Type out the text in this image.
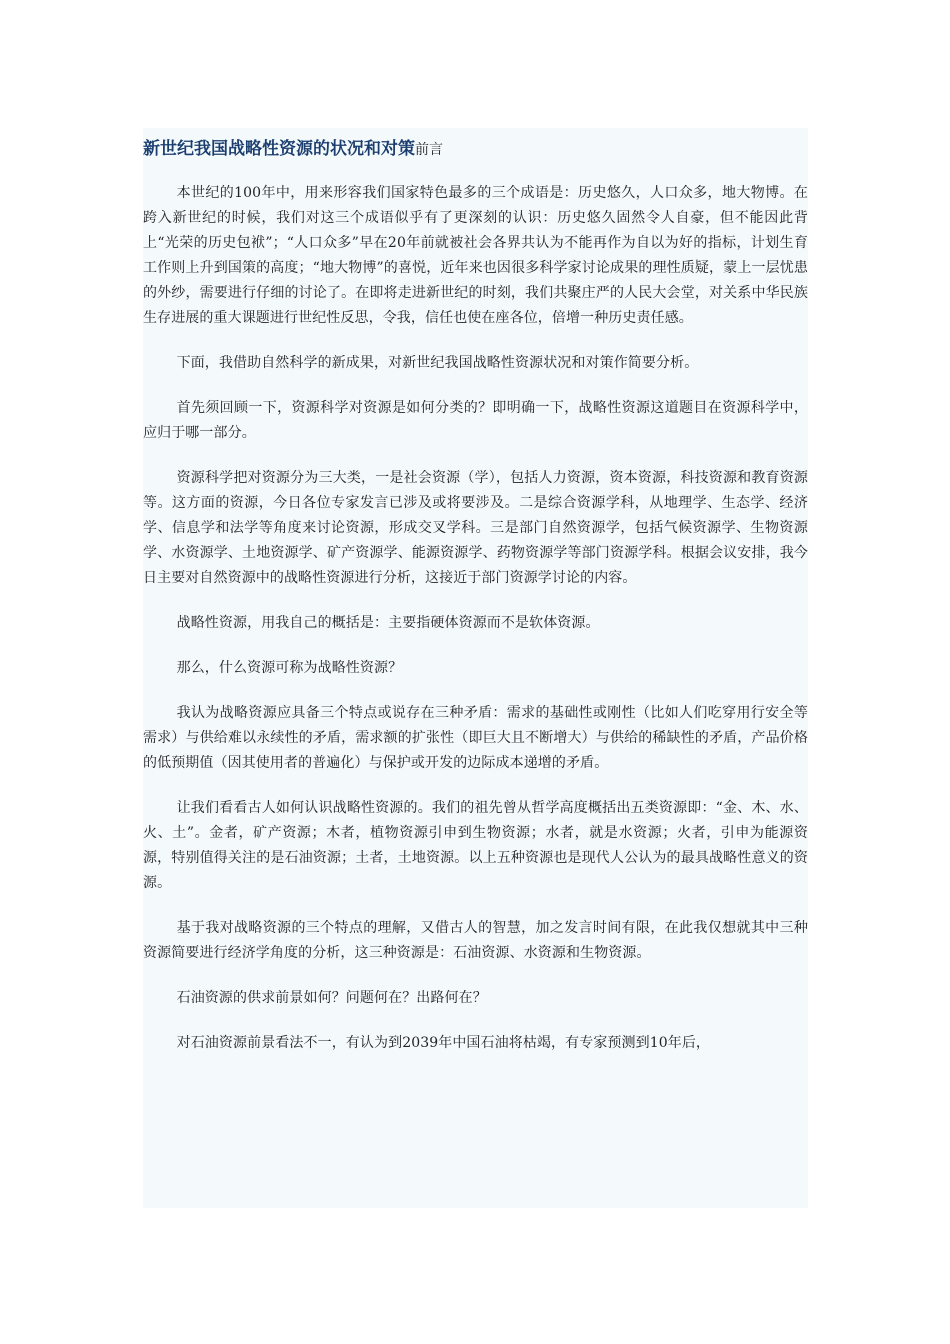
新世纪我国战略性资源的状况和对策前言

本世纪的100年中，用来形容我们国家特色最多的三个成语是：历史悠久，人口众多，地大物博。在跨入新世纪的时候，我们对这三个成语似乎有了更深刻的认识：历史悠久固然令人自豪，但不能因此背上“光荣的历史包袱”；“人口众多”早在20年前就被社会各界共认为不能再作为自以为好的指标，计划生育工作则上升到国策的高度；“地大物博”的喜悦，近年来也因很多科学家讨论成果的理性质疑，蒙上一层忧患的外纱，需要进行仔细的讨论了。在即将走进新世纪的时刻，我们共聚庄严的人民大会堂，对关系中华民族生存进展的重大课题进行世纪性反思，令我，信任也使在座各位，倍增一种历史责任感。

下面，我借助自然科学的新成果，对新世纪我国战略性资源状况和对策作简要分析。

首先须回顾一下，资源科学对资源是如何分类的？即明确一下，战略性资源这道题目在资源科学中，应归于哪一部分。

资源科学把对资源分为三大类，一是社会资源（学），包括人力资源，资本资源，科技资源和教育资源等。这方面的资源，今日各位专家发言已涉及或将要涉及。二是综合资源学科，从地理学、生态学、经济学、信息学和法学等角度来讨论资源，形成交叉学科。三是部门自然资源学，包括气候资源学、生物资源学、水资源学、土地资源学、矿产资源学、能源资源学、药物资源学等部门资源学科。根据会议安排，我今日主要对自然资源中的战略性资源进行分析，这接近于部门资源学讨论的内容。

战略性资源，用我自己的概括是：主要指硬体资源而不是软体资源。

那么，什么资源可称为战略性资源？

我认为战略资源应具备三个特点或说存在三种矛盾：需求的基础性或刚性（比如人们吃穿用行安全等需求）与供给难以永续性的矛盾，需求额的扩张性（即巨大且不断增大）与供给的稀缺性的矛盾，产品价格的低预期值（因其使用者的普遍化）与保护或开发的边际成本递增的矛盾。

让我们看看古人如何认识战略性资源的。我们的祖先曾从哲学高度概括出五类资源即：“金、木、水、火、土”。金者，矿产资源；木者，植物资源引申到生物资源；水者，就是水资源；火者，引申为能源资源，特别值得关注的是石油资源；土者，土地资源。以上五种资源也是现代人公认为的最具战略性意义的资源。

基于我对战略资源的三个特点的理解，又借古人的智慧，加之发言时间有限，在此我仅想就其中三种资源简要进行经济学角度的分析，这三种资源是：石油资源、水资源和生物资源。

石油资源的供求前景如何？问题何在？出路何在？

对石油资源前景看法不一，有认为到2039年中国石油将枯竭，有专家预测到10年后，
